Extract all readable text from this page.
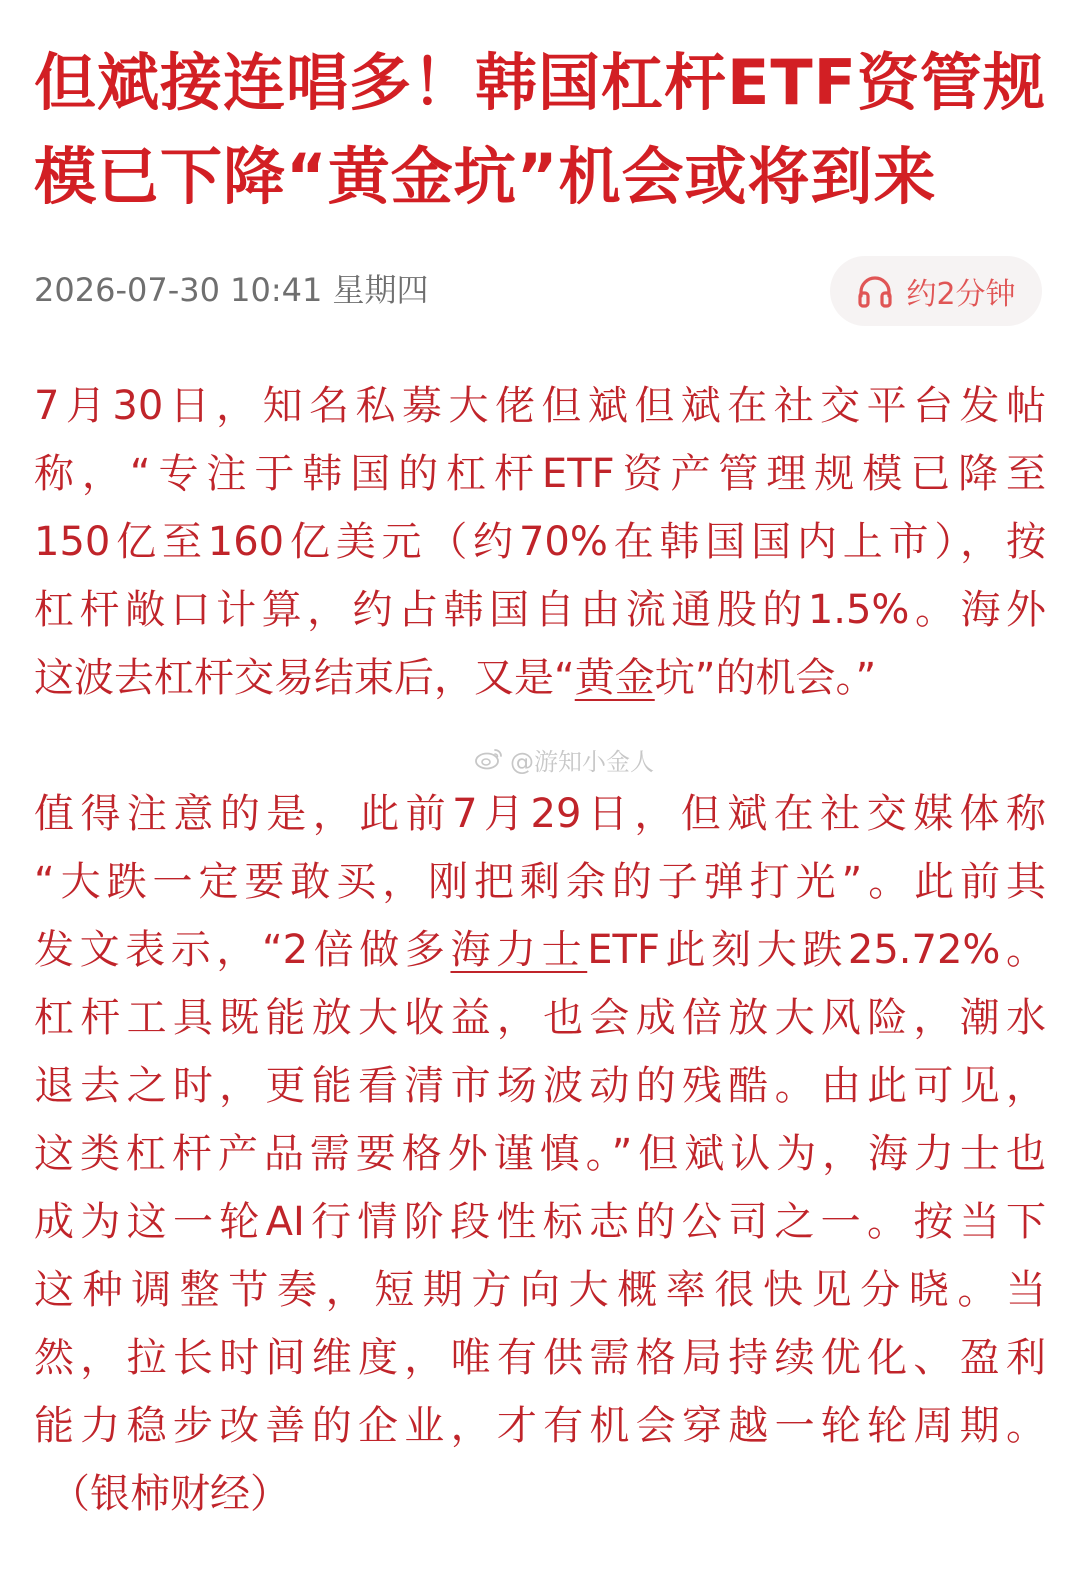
但斌接连唱多！韩国杠杆ETF资管规
模已下降“黄金坑”机会或将到来
2026-07-30 10:41 星期四	约2分钟
7月30日，知名私募大佬但斌但斌在社交平台发帖
称，“专注于韩国的杠杆ETF资产管理规模已降至
150亿至160亿美元（约70%在韩国国内上市），按
杠杆敞口计算，约占韩国自由流通股的1.5%。海外
这波去杠杆交易结束后，又是“黄金坑”的机会。”
@游知小金人
值得注意的是，此前7月29日，但斌在社交媒体称
“大跌一定要敢买，刚把剩余的子弹打光”。此前其
发文表示，“2倍做多海力士ETF此刻大跌25.72%。
杠杆工具既能放大收益，也会成倍放大风险，潮水
退去之时，更能看清市场波动的残酷。由此可见，
这类杠杆产品需要格外谨慎。”但斌认为，海力士也
成为这一轮AI行情阶段性标志的公司之一。按当下
这种调整节奏，短期方向大概率很快见分晓。当
然，拉长时间维度，唯有供需格局持续优化、盈利
能力稳步改善的企业，才有机会穿越一轮轮周期。
（银柿财经）
